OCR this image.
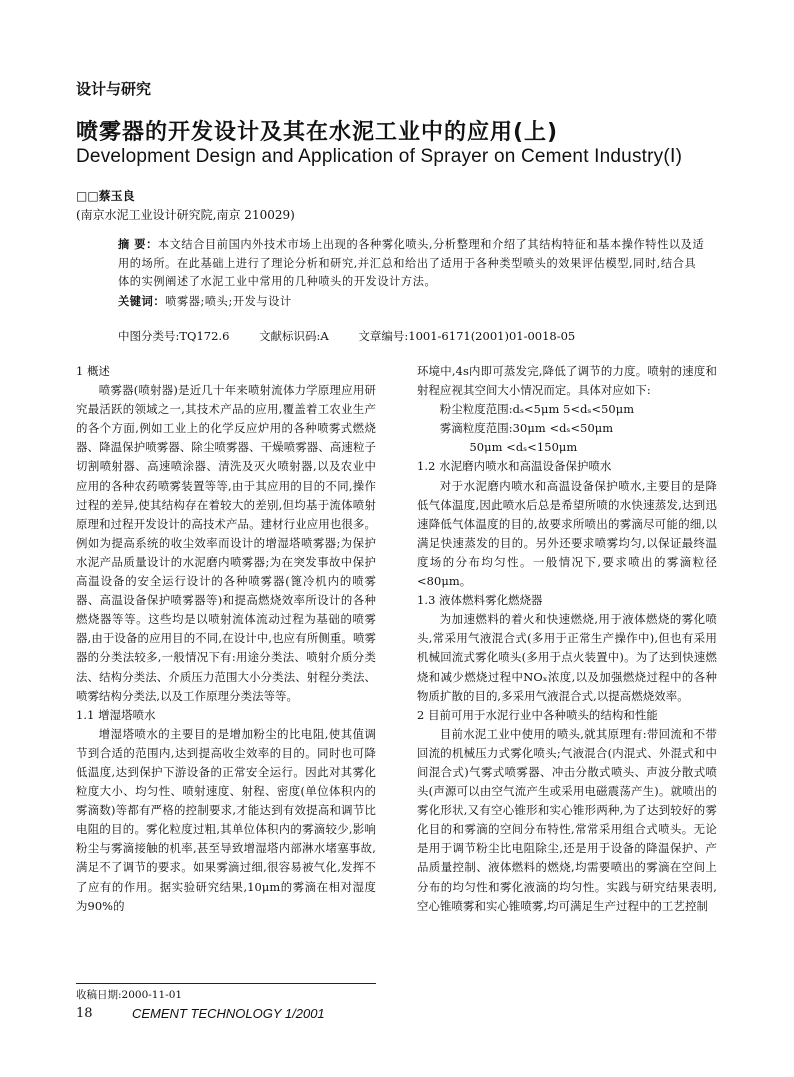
设计与研究
喷雾器的开发设计及其在水泥工业中的应用(上)
Development Design and Application of Sprayer on Cement Industry(Ⅰ)
□□蔡玉良
(南京水泥工业设计研究院,南京 210029)
摘 要：本文结合目前国内外技术市场上出现的各种雾化喷头,分析整理和介绍了其结构特征和基本操作特性以及适用的场所。在此基础上进行了理论分析和研究,并汇总和给出了适用于各种类型喷头的效果评估模型,同时,结合具体的实例阐述了水泥工业中常用的几种喷头的开发设计方法。
关键词：喷雾器;喷头;开发与设计
中图分类号:TQ172.6	文献标识码:A	文章编号:1001-6171(2001)01-0018-05

1 概述

喷雾器(喷射器)是近几十年来喷射流体力学原理应用研究最活跃的领域之一,其技术产品的应用,覆盖着工农业生产的各个方面,例如工业上的化学反应炉用的各种喷雾式燃烧器、降温保护喷雾器、除尘喷雾器、干燥喷雾器、高速粒子切割喷射器、高速喷涂器、清洗及灭火喷射器,以及农业中应用的各种农药喷雾装置等等,由于其应用的目的不同,操作过程的差异,使其结构存在着较大的差别,但均基于流体喷射原理和过程开发设计的高技术产品。建材行业应用也很多。例如为提高系统的收尘效率而设计的增湿塔喷雾器;为保护水泥产品质量设计的水泥磨内喷雾器;为在突发事故中保护高温设备的安全运行设计的各种喷雾器(篦冷机内的喷雾器、高温设备保护喷雾器等)和提高燃烧效率所设计的各种燃烧器等等。这些均是以喷射流体流动过程为基础的喷雾器,由于设备的应用目的不同,在设计中,也应有所侧重。喷雾器的分类法较多,一般情况下有:用途分类法、喷射介质分类法、结构分类法、介质压力范围大小分类法、射程分类法、喷雾结构分类法,以及工作原理分类法等等。

1.1 增湿塔喷水

增湿塔喷水的主要目的是增加粉尘的比电阻,使其值调节到合适的范围内,达到提高收尘效率的目的。同时也可降低温度,达到保护下游设备的正常安全运行。因此对其雾化粒度大小、均匀性、喷射速度、射程、密度(单位体积内的雾滴数)等都有严格的控制要求,才能达到有效提高和调节比电阻的目的。雾化粒度过粗,其单位体积内的雾滴较少,影响粉尘与雾滴接触的机率,甚至导致增湿塔内部淋水堵塞事故,满足不了调节的要求。如果雾滴过细,很容易被气化,发挥不了应有的作用。据实验研究结果,10μm的雾滴在相对湿度为90%的

环境中,4s内即可蒸发完,降低了调节的力度。喷射的速度和射程应视其空间大小情况而定。具体对应如下:

粉尘粒度范围:dₛ<5μm 5<dₛ<50μm

雾滴粒度范围:30μm <dₛ<50μm

50μm <dₛ<150μm

1.2 水泥磨内喷水和高温设备保护喷水

对于水泥磨内喷水和高温设备保护喷水,主要目的是降低气体温度,因此喷水后总是希望所喷的水快速蒸发,达到迅速降低气体温度的目的,故要求所喷出的雾滴尽可能的细,以满足快速蒸发的目的。另外还要求喷雾均匀,以保证最终温度场的分布均匀性。一般情况下,要求喷出的雾滴粒径<80μm。

1.3 液体燃料雾化燃烧器

为加速燃料的着火和快速燃烧,用于液体燃烧的雾化喷头,常采用气液混合式(多用于正常生产操作中),但也有采用机械回流式雾化喷头(多用于点火装置中)。为了达到快速燃烧和减少燃烧过程中NOₓ浓度,以及加强燃烧过程中的各种物质扩散的目的,多采用气液混合式,以提高燃烧效率。

2 目前可用于水泥行业中各种喷头的结构和性能

目前水泥工业中使用的喷头,就其原理有:带回流和不带回流的机械压力式雾化喷头;气液混合(内混式、外混式和中间混合式)气雾式喷雾器、冲击分散式喷头、声波分散式喷头(声源可以由空气流产生或采用电磁震荡产生)。就喷出的雾化形状,又有空心锥形和实心锥形两种,为了达到较好的雾化目的和雾滴的空间分布特性,常常采用组合式喷头。无论是用于调节粉尘比电阻除尘,还是用于设备的降温保护、产品质量控制、液体燃料的燃烧,均需要喷出的雾滴在空间上分布的均匀性和雾化液滴的均匀性。实践与研究结果表明,空心锥喷雾和实心锥喷雾,均可满足生产过程中的工艺控制

收稿日期:2000-11-01
18	CEMENT TECHNOLOGY 1/2001
